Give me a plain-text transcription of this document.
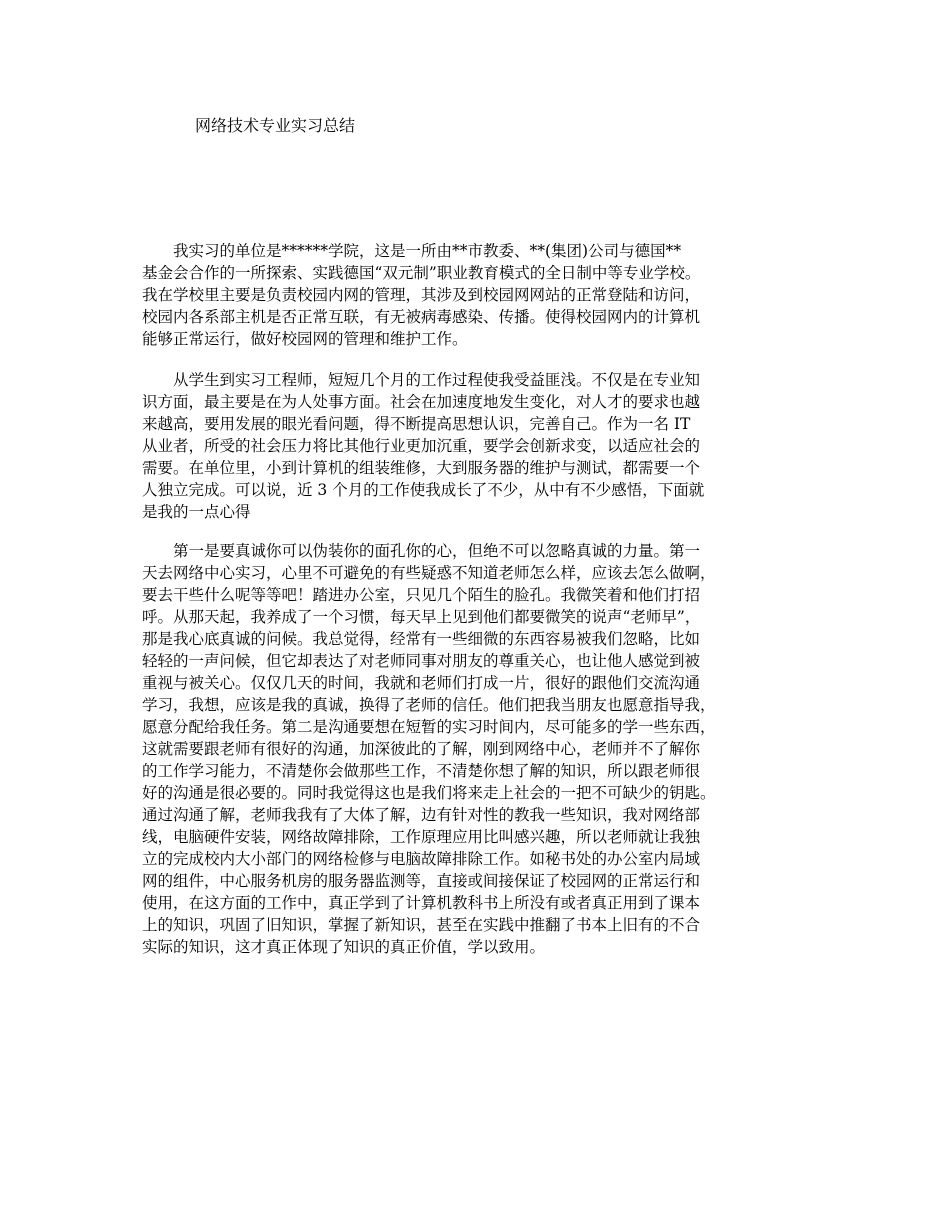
网络技术专业实习总结
　　我实习的单位是******学院，这是一所由**市教委、**(集团)公司与德国**
基金会合作的一所探索、实践德国“双元制”职业教育模式的全日制中等专业学校。
我在学校里主要是负责校园内网的管理，其涉及到校园网网站的正常登陆和访问，
校园内各系部主机是否正常互联，有无被病毒感染、传播。使得校园网内的计算机
能够正常运行，做好校园网的管理和维护工作。
　　从学生到实习工程师，短短几个月的工作过程使我受益匪浅。不仅是在专业知
识方面，最主要是在为人处事方面。社会在加速度地发生变化，对人才的要求也越
来越高，要用发展的眼光看问题，得不断提高思想认识，完善自己。作为一名 IT
从业者，所受的社会压力将比其他行业更加沉重，要学会创新求变，以适应社会的
需要。在单位里，小到计算机的组装维修，大到服务器的维护与测试，都需要一个
人独立完成。可以说，近 3 个月的工作使我成长了不少，从中有不少感悟，下面就
是我的一点心得
　　第一是要真诚你可以伪装你的面孔你的心，但绝不可以忽略真诚的力量。第一
天去网络中心实习，心里不可避免的有些疑惑不知道老师怎么样，应该去怎么做啊，
要去干些什么呢等等吧！踏进办公室，只见几个陌生的脸孔。我微笑着和他们打招
呼。从那天起，我养成了一个习惯，每天早上见到他们都要微笑的说声“老师早”，
那是我心底真诚的问候。我总觉得，经常有一些细微的东西容易被我们忽略，比如
轻轻的一声问候，但它却表达了对老师同事对朋友的尊重关心，也让他人感觉到被
重视与被关心。仅仅几天的时间，我就和老师们打成一片，很好的跟他们交流沟通
学习，我想，应该是我的真诚，换得了老师的信任。他们把我当朋友也愿意指导我，
愿意分配给我任务。第二是沟通要想在短暂的实习时间内，尽可能多的学一些东西，
这就需要跟老师有很好的沟通，加深彼此的了解，刚到网络中心，老师并不了解你
的工作学习能力，不清楚你会做那些工作，不清楚你想了解的知识，所以跟老师很
好的沟通是很必要的。同时我觉得这也是我们将来走上社会的一把不可缺少的钥匙。
通过沟通了解，老师我我有了大体了解，边有针对性的教我一些知识，我对网络部
线，电脑硬件安装，网络故障排除，工作原理应用比叫感兴趣，所以老师就让我独
立的完成校内大小部门的网络检修与电脑故障排除工作。如秘书处的办公室内局域
网的组件，中心服务机房的服务器监测等，直接或间接保证了校园网的正常运行和
使用，在这方面的工作中，真正学到了计算机教科书上所没有或者真正用到了课本
上的知识，巩固了旧知识，掌握了新知识，甚至在实践中推翻了书本上旧有的不合
实际的知识，这才真正体现了知识的真正价值，学以致用。
